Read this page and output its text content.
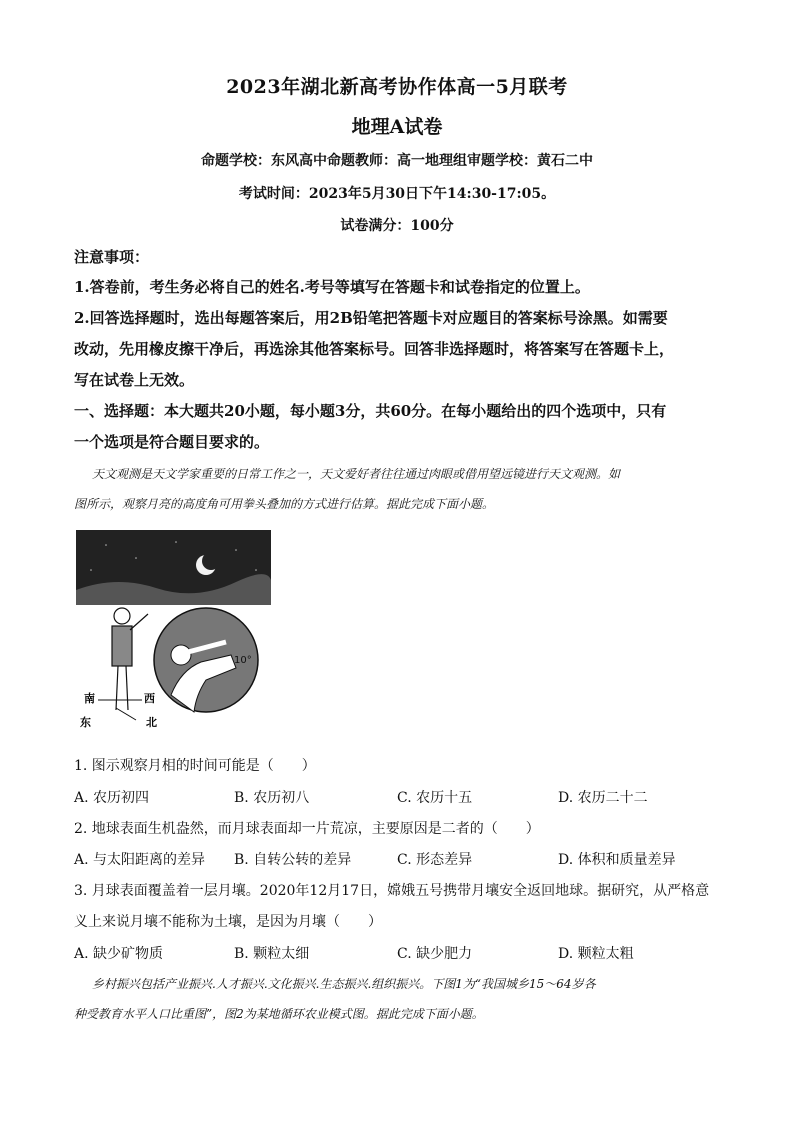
2023年湖北新高考协作体高一5月联考
地理A试卷
命题学校：东风高中命题教师：高一地理组审题学校：黄石二中
考试时间：2023年5月30日下午14:30-17:05。
试卷满分：100分
注意事项：
1.答卷前，考生务必将自己的姓名.考号等填写在答题卡和试卷指定的位置上。
2.回答选择题时，选出每题答案后，用2B铅笔把答题卡对应题目的答案标号涂黑。如需要
改动，先用橡皮擦干净后，再选涂其他答案标号。回答非选择题时，将答案写在答题卡上，
写在试卷上无效。
一、选择题：本大题共20小题，每小题3分，共60分。在每小题给出的四个选项中，只有
一个选项是符合题目要求的。
天文观测是天文学家重要的日常工作之一，天文爱好者往往通过肉眼或借用望远镜进行天文观测。如
图所示，观察月亮的高度角可用拳头叠加的方式进行估算。据此完成下面小题。
10°
南	西
东	北
1. 图示观察月相的时间可能是（　　）
A. 农历初四	B. 农历初八	C. 农历十五	D. 农历二十二
2. 地球表面生机盎然，而月球表面却一片荒凉，主要原因是二者的（　　）
A. 与太阳距离的差异 B. 自转公转的差异	C. 形态差异	D. 体积和质量差异
3. 月球表面覆盖着一层月壤。2020年12月17日，嫦娥五号携带月壤安全返回地球。据研究，从严格意
义上来说月壤不能称为土壤，是因为月壤（　　）
A. 缺少矿物质	B. 颗粒太细	C. 缺少肥力	D. 颗粒太粗
乡村振兴包括产业振兴.人才振兴.文化振兴.生态振兴.组织振兴。下图1为“我国城乡15～64岁各
种受教育水平人口比重图”，图2为某地循环农业模式图。据此完成下面小题。
